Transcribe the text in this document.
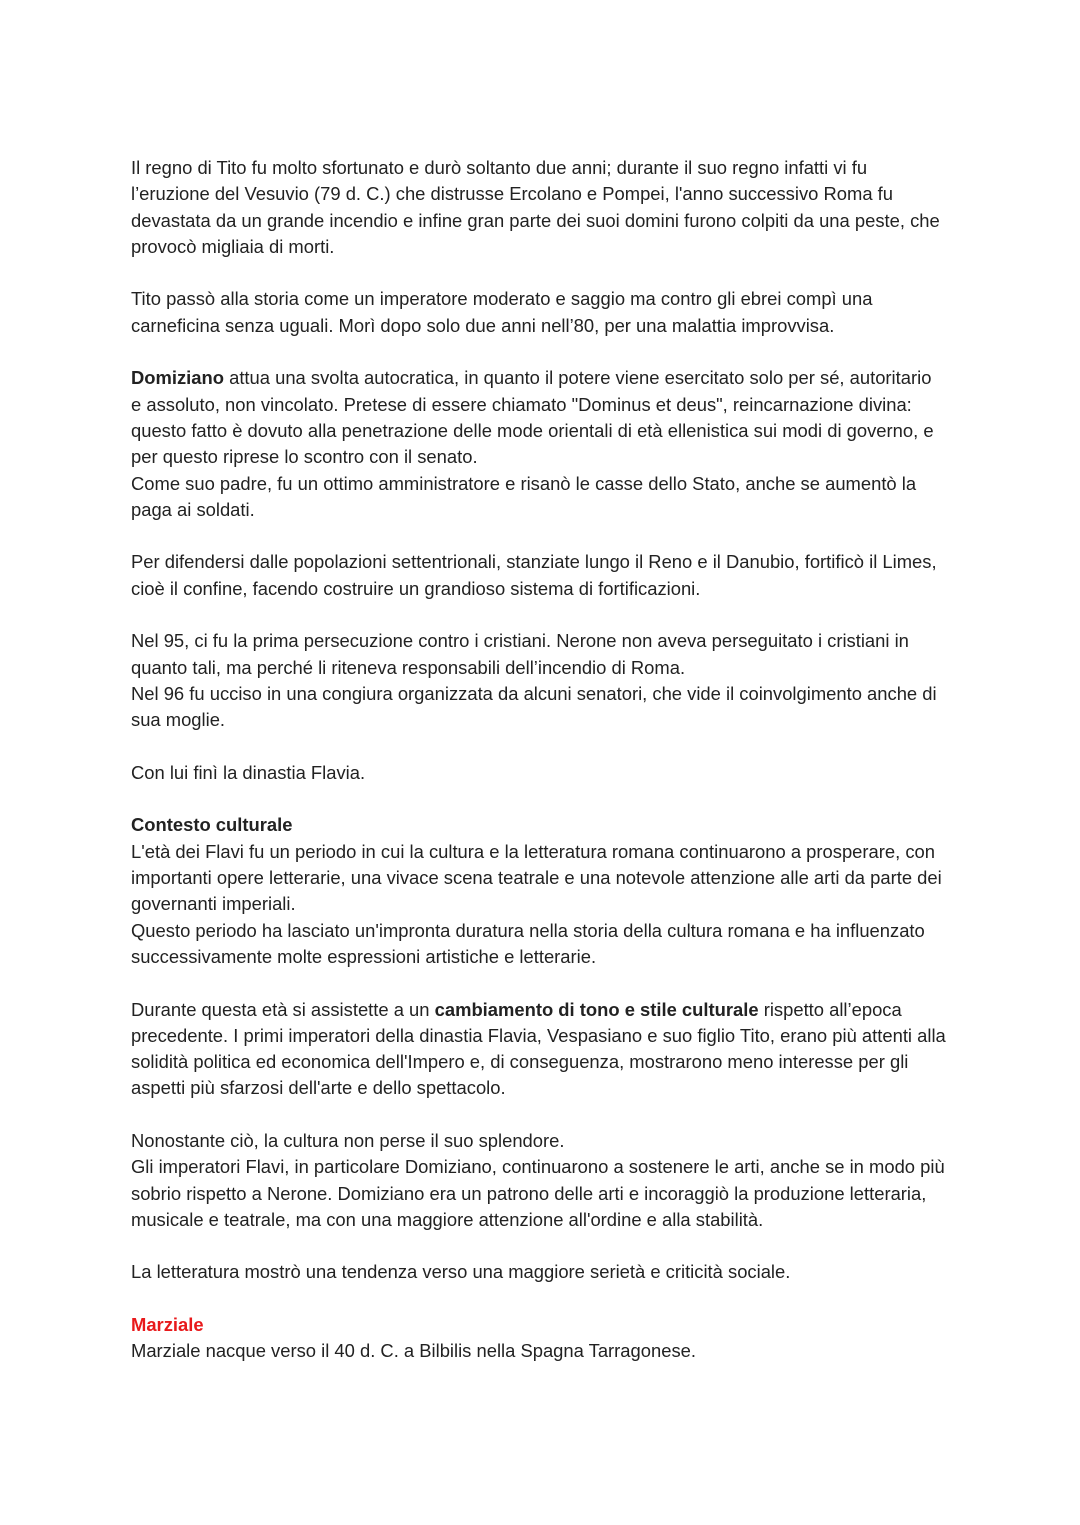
Il regno di Tito fu molto sfortunato e durò soltanto due anni; durante il suo regno infatti vi fu l’eruzione del Vesuvio (79 d. C.) che distrusse Ercolano e Pompei, l'anno successivo Roma fu devastata da un grande incendio e infine gran parte dei suoi domini furono colpiti da una peste, che provocò migliaia di morti.

Tito passò alla storia come un imperatore moderato e saggio ma contro gli ebrei compì una carneficina senza uguali. Morì dopo solo due anni nell’80, per una malattia improvvisa.

Domiziano attua una svolta autocratica, in quanto il potere viene esercitato solo per sé, autoritario e assoluto, non vincolato. Pretese di essere chiamato "Dominus et deus", reincarnazione divina: questo fatto è dovuto alla penetrazione delle mode orientali di età ellenistica sui modi di governo, e per questo riprese lo scontro con il senato.

Come suo padre, fu un ottimo amministratore e risanò le casse dello Stato, anche se aumentò la paga ai soldati.

Per difendersi dalle popolazioni settentrionali, stanziate lungo il Reno e il Danubio, fortificò il Limes, cioè il confine, facendo costruire un grandioso sistema di fortificazioni.

Nel 95, ci fu la prima persecuzione contro i cristiani. Nerone non aveva perseguitato i cristiani in quanto tali, ma perché li riteneva responsabili dell’incendio di Roma.

Nel 96 fu ucciso in una congiura organizzata da alcuni senatori, che vide il coinvolgimento anche di sua moglie.

Con lui finì la dinastia Flavia.

Contesto culturale

L'età dei Flavi fu un periodo in cui la cultura e la letteratura romana continuarono a prosperare, con importanti opere letterarie, una vivace scena teatrale e una notevole attenzione alle arti da parte dei governanti imperiali.

Questo periodo ha lasciato un'impronta duratura nella storia della cultura romana e ha influenzato successivamente molte espressioni artistiche e letterarie.

Durante questa età si assistette a un cambiamento di tono e stile culturale rispetto all’epoca precedente. I primi imperatori della dinastia Flavia, Vespasiano e suo figlio Tito, erano più attenti alla solidità politica ed economica dell'Impero e, di conseguenza, mostrarono meno interesse per gli aspetti più sfarzosi dell'arte e dello spettacolo.

Nonostante ciò, la cultura non perse il suo splendore.

Gli imperatori Flavi, in particolare Domiziano, continuarono a sostenere le arti, anche se in modo più sobrio rispetto a Nerone. Domiziano era un patrono delle arti e incoraggiò la produzione letteraria, musicale e teatrale, ma con una maggiore attenzione all'ordine e alla stabilità.

La letteratura mostrò una tendenza verso una maggiore serietà e criticità sociale.

Marziale

Marziale nacque verso il 40 d. C. a Bilbilis nella Spagna Tarragonese.
